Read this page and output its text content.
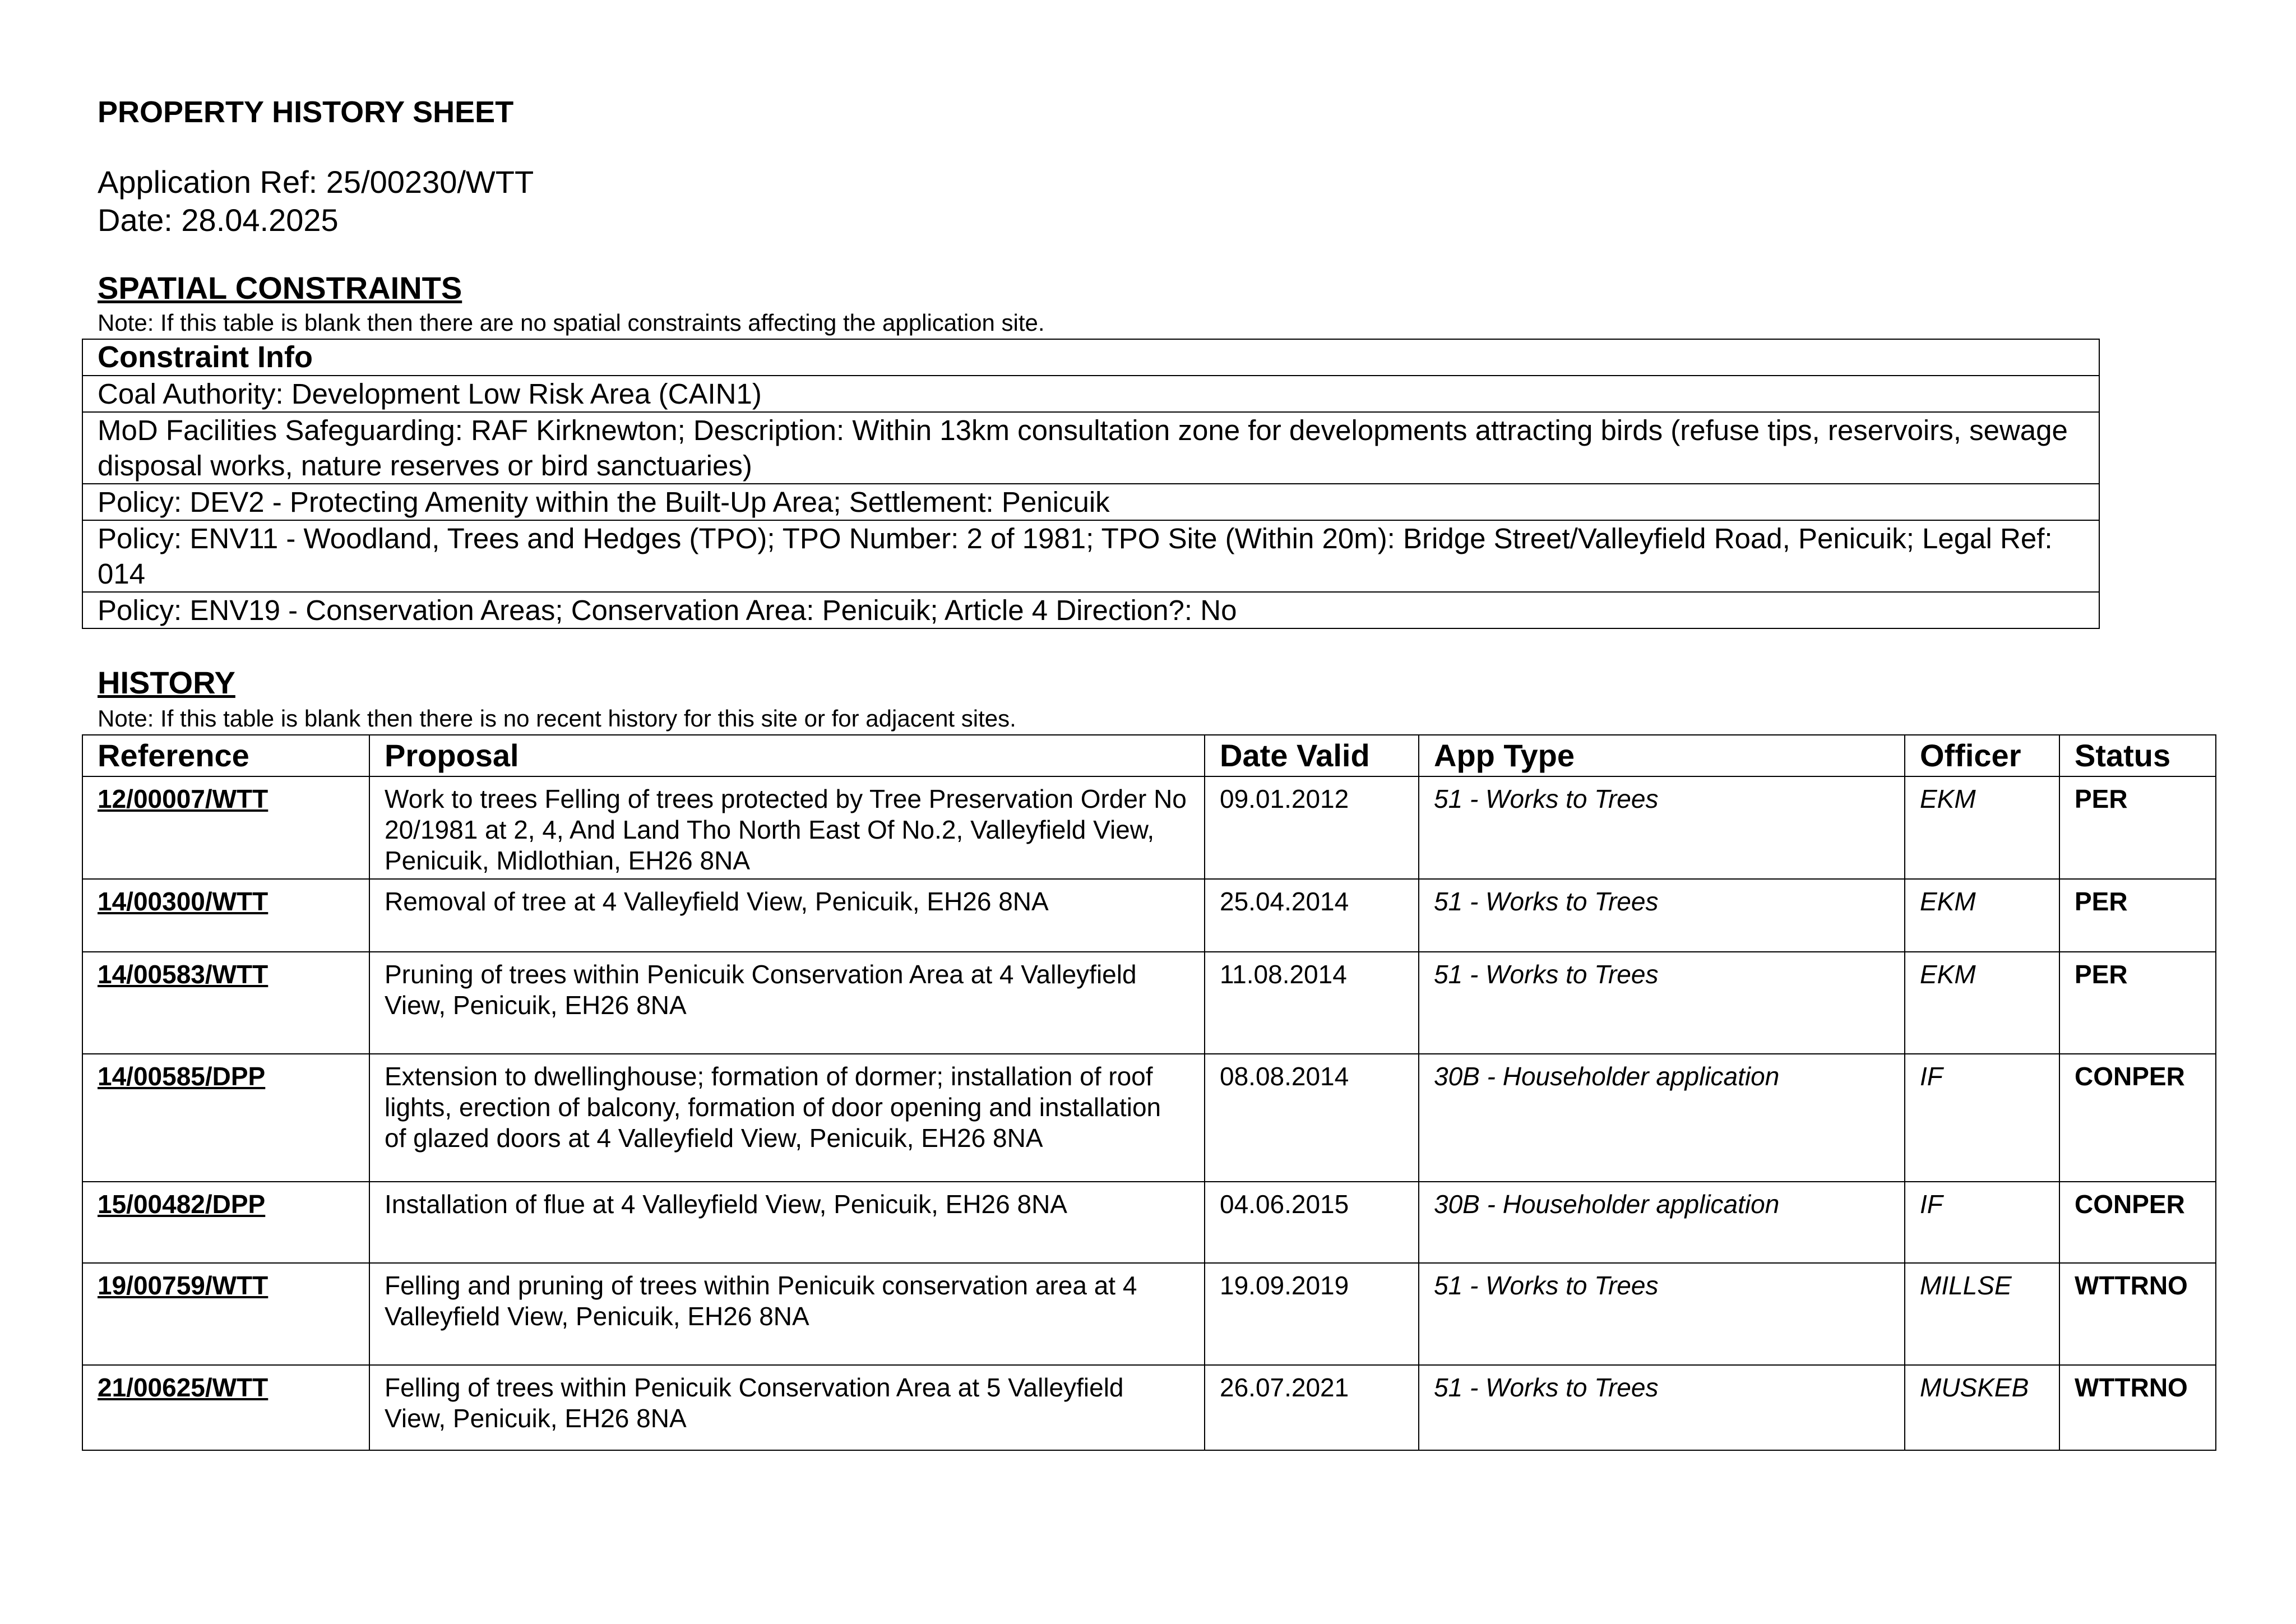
PROPERTY HISTORY SHEET
Application Ref: 25/00230/WTT
Date: 28.04.2025
SPATIAL CONSTRAINTS
Note: If this table is blank then there are no spatial constraints affecting the application site.
Constraint Info
Coal Authority: Development Low Risk Area (CAIN1)
MoD Facilities Safeguarding: RAF Kirknewton; Description: Within 13km consultation zone for developments attracting birds (refuse tips, reservoirs, sewage disposal works, nature reserves or bird sanctuaries)
Policy: DEV2 - Protecting Amenity within the Built-Up Area; Settlement: Penicuik
Policy: ENV11 - Woodland, Trees and Hedges (TPO); TPO Number: 2 of 1981; TPO Site (Within 20m): Bridge Street/Valleyfield Road, Penicuik; Legal Ref: 014
Policy: ENV19 - Conservation Areas; Conservation Area: Penicuik; Article 4 Direction?: No
HISTORY
Note: If this table is blank then there is no recent history for this site or for adjacent sites.
Reference	Proposal	Date Valid	App Type	Officer	Status
12/00007/WTT	Work to trees Felling of trees protected by Tree Preservation Order No 20/1981 at 2, 4, And Land Tho North East Of No.2, Valleyfield View, Penicuik, Midlothian, EH26 8NA	09.01.2012	51 - Works to Trees	EKM	PER
14/00300/WTT	Removal of tree at 4 Valleyfield View, Penicuik, EH26 8NA	25.04.2014	51 - Works to Trees	EKM	PER
14/00583/WTT	Pruning of trees within Penicuik Conservation Area at 4 Valleyfield View, Penicuik, EH26 8NA	11.08.2014	51 - Works to Trees	EKM	PER
14/00585/DPP	Extension to dwellinghouse; formation of dormer; installation of roof lights, erection of balcony, formation of door opening and installation of glazed doors at 4 Valleyfield View, Penicuik, EH26 8NA	08.08.2014	30B - Householder application	IF	CONPER
15/00482/DPP	Installation of flue at 4 Valleyfield View, Penicuik, EH26 8NA	04.06.2015	30B - Householder application	IF	CONPER
19/00759/WTT	Felling and pruning of trees within Penicuik conservation area at 4 Valleyfield View, Penicuik, EH26 8NA	19.09.2019	51 - Works to Trees	MILLSE	WTTRNO
21/00625/WTT	Felling of trees within Penicuik Conservation Area at 5 Valleyfield View, Penicuik, EH26 8NA	26.07.2021	51 - Works to Trees	MUSKEB	WTTRNO
